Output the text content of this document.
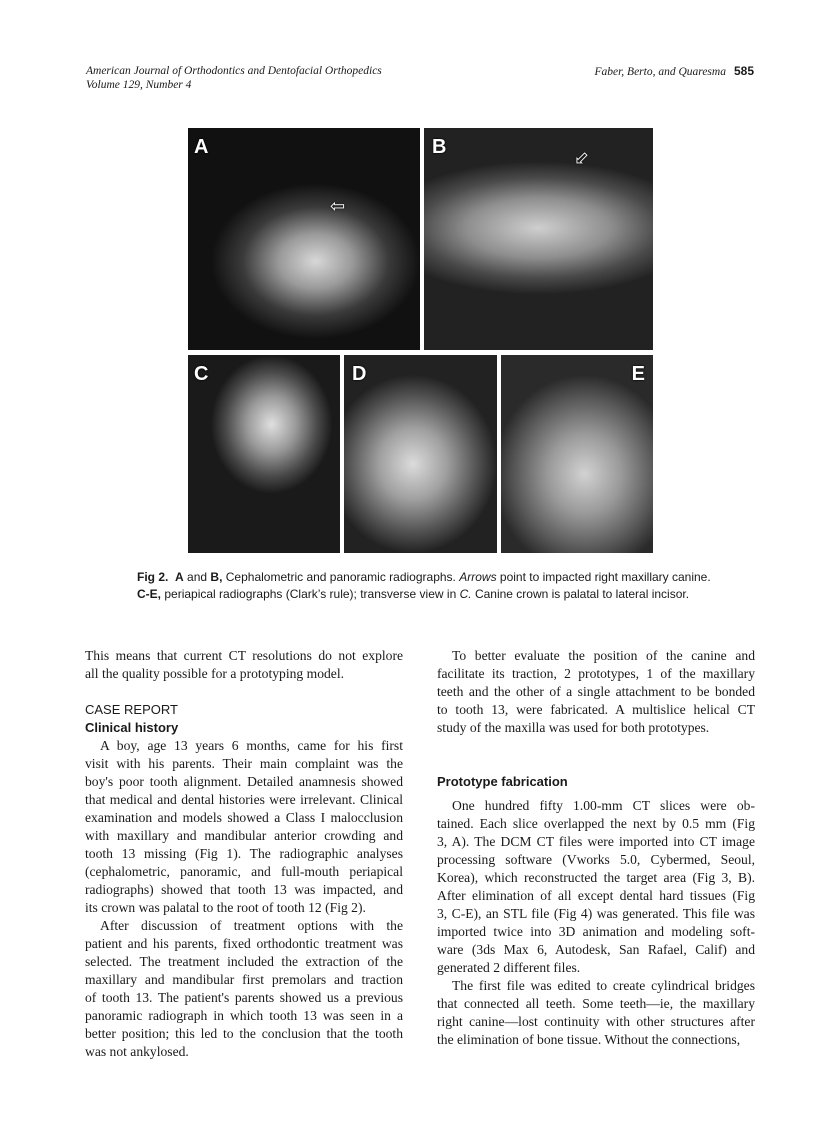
American Journal of Orthodontics and Dentofacial Orthopedics
Volume 129, Number 4
Faber, Berto, and Quaresma 585
A
⇦
B	⇦
C	D	E
Fig 2. A and B, Cephalometric and panoramic radiographs. Arrows point to impacted right maxillary canine. C-E, periapical radiographs (Clark’s rule); transverse view in C. Canine crown is palatal to lateral incisor.
This means that current CT resolutions do not explore
all the quality possible for a prototyping model.
CASE REPORT
Clinical history
A boy, age 13 years 6 months, came for his first
visit with his parents. Their main complaint was the
boy's poor tooth alignment. Detailed anamnesis showed
that medical and dental histories were irrelevant. Clinical
examination and models showed a Class I malocclusion
with maxillary and mandibular anterior crowding and
tooth 13 missing (Fig 1). The radiographic analyses
(cephalometric, panoramic, and full-mouth periapical
radiographs) showed that tooth 13 was impacted, and
its crown was palatal to the root of tooth 12 (Fig 2).
After discussion of treatment options with the
patient and his parents, fixed orthodontic treatment was
selected. The treatment included the extraction of the
maxillary and mandibular first premolars and traction
of tooth 13. The patient's parents showed us a previous
panoramic radiograph in which tooth 13 was seen in a
better position; this led to the conclusion that the tooth
was not ankylosed.
To better evaluate the position of the canine and
facilitate its traction, 2 prototypes, 1 of the maxillary
teeth and the other of a single attachment to be bonded
to tooth 13, were fabricated. A multislice helical CT
study of the maxilla was used for both prototypes.
Prototype fabrication
One hundred fifty 1.00-mm CT slices were ob-
tained. Each slice overlapped the next by 0.5 mm (Fig
3, A). The DCM CT files were imported into CT image
processing software (Vworks 5.0, Cybermed, Seoul,
Korea), which reconstructed the target area (Fig 3, B).
After elimination of all except dental hard tissues (Fig
3, C-E), an STL file (Fig 4) was generated. This file was
imported twice into 3D animation and modeling soft-
ware (3ds Max 6, Autodesk, San Rafael, Calif) and
generated 2 different files.
The first file was edited to create cylindrical bridges
that connected all teeth. Some teeth—ie, the maxillary
right canine—lost continuity with other structures after
the elimination of bone tissue. Without the connections,
